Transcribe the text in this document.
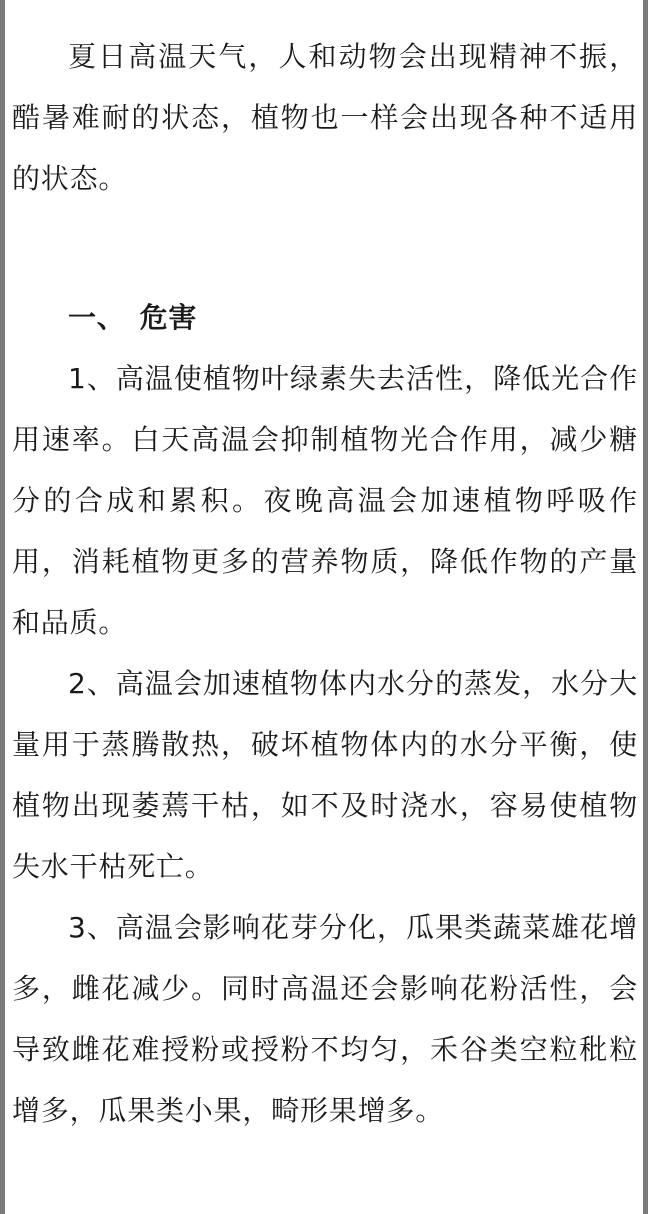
夏日高温天气，人和动物会出现精神不振，酷暑难耐的状态，植物也一样会出现各种不适用的状态。

一、 危害

1、高温使植物叶绿素失去活性，降低光合作用速率。白天高温会抑制植物光合作用，减少糖分的合成和累积。夜晚高温会加速植物呼吸作用，消耗植物更多的营养物质，降低作物的产量和品质。

2、高温会加速植物体内水分的蒸发，水分大量用于蒸腾散热，破坏植物体内的水分平衡，使植物出现萎蔫干枯，如不及时浇水，容易使植物失水干枯死亡。

3、高温会影响花芽分化，瓜果类蔬菜雄花增多，雌花减少。同时高温还会影响花粉活性，会导致雌花难授粉或授粉不均匀，禾谷类空粒秕粒增多，瓜果类小果，畸形果增多。
